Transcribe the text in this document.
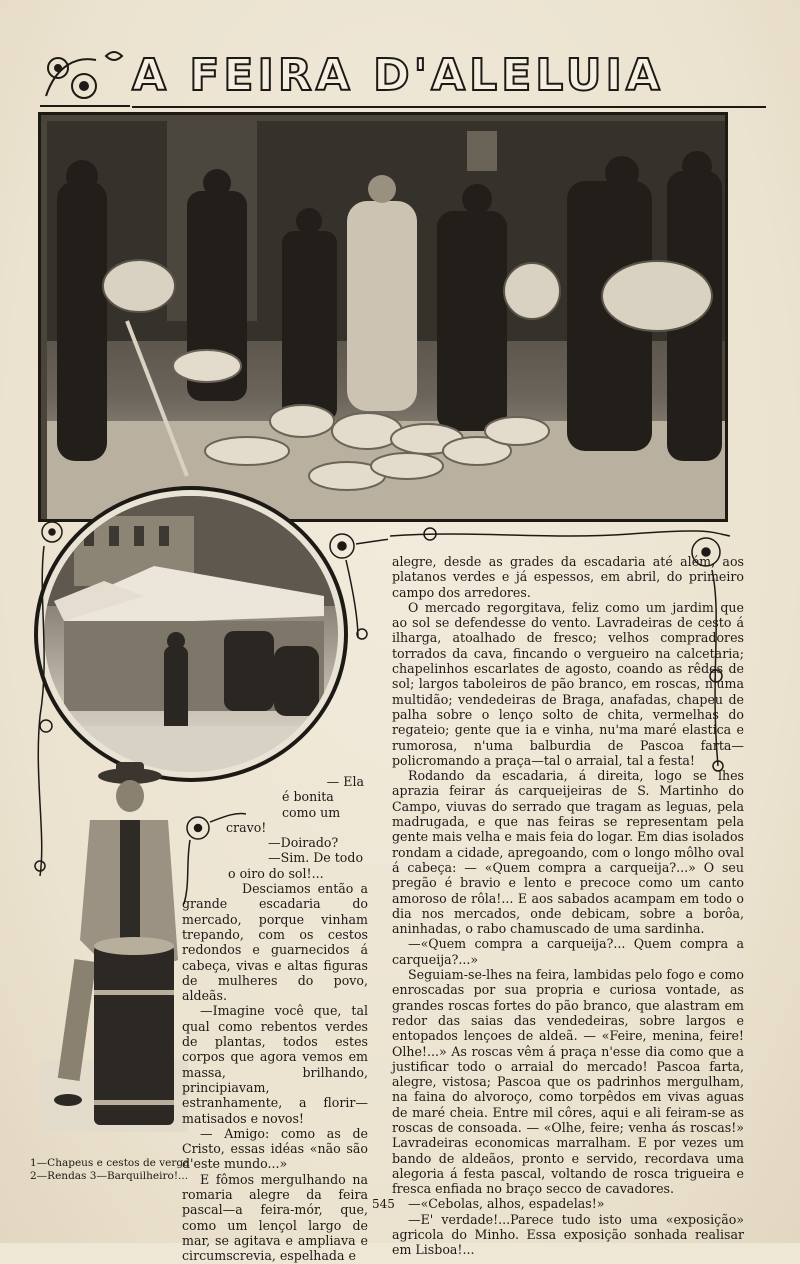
A FEIRA D'ALELUIA

— Ela

é bonita

como um

cravo!

—Doirado?

—Sim. De todo

o oiro do sol!...

Desciamos então a grande escadaria do mercado, porque vinham trepando, com os cestos redondos e guarnecidos á cabeça, vivas e altas figuras de mulheres do povo, aldeãs.

—Imagine você que, tal qual como rebentos verdes de plantas, todos estes corpos que agora vemos em massa, brilhando, principiavam, estranhamente, a florir—matisados e novos!

— Amigo: como as de Cristo, essas idéas «não são d'este mundo...»

E fômos mergulhando na romaria alegre da feira pascal—a feira-mór, que, como um lençol largo de mar, se agitava e ampliava e circumscrevia, espelhada e

alegre, desde as grades da escadaria até além, aos platanos verdes e já espessos, em abril, do primeiro campo dos arredores.

O mercado regorgitava, feliz como um jardim que ao sol se defendesse do vento. Lavradeiras de cesto á ilharga, atoalhado de fresco; velhos compradores torrados da cava, fincando o vergueiro na calcetaria; chapelinhos escarlates de agosto, coando as rêdes de sol; largos taboleiros de pão branco, em roscas, n'uma multidão; vendedeiras de Braga, anafadas, chapeu de palha sobre o lenço solto de chita, vermelhas do regateio; gente que ia e vinha, nu'ma maré elastica e rumorosa, n'uma balburdia de Pascoa farta—policromando a praça—tal o arraial, tal a festa!

Rodando da escadaria, á direita, logo se lhes aprazia feirar ás carqueijeiras de S. Martinho do Campo, viuvas do serrado que tragam as leguas, pela madrugada, e que nas feiras se representam pela gente mais velha e mais feia do logar. Em dias isolados rondam a cidade, apregoando, com o longo môlho oval á cabeça: — «Quem compra a carqueija?...» O seu pregão é bravio e lento e precoce como um canto amoroso de rôla!... E aos sabados acampam em todo o dia nos mercados, onde debicam, sobre a borôa, aninhadas, o rabo chamuscado de uma sardinha.

—«Quem compra a carqueija?... Quem compra a carqueija?...»

Seguiam-se-lhes na feira, lambidas pelo fogo e como enroscadas por sua propria e curiosa vontade, as grandes roscas fortes do pão branco, que alastram em redor das saias das vendedeiras, sobre largos e entopados lençoes de aldeã. — «Feire, menina, feire! Olhe!...» As roscas vêm á praça n'esse dia como que a justificar todo o arraial do mercado! Pascoa farta, alegre, vistosa; Pascoa que os padrinhos mergulham, na faina do alvoroço, como torpêdos em vivas aguas de maré cheia. Entre mil côres, aqui e ali feiram-se as roscas de consoada. — «Olhe, feire; venha ás roscas!» Lavradeiras economicas marralham. E por vezes um bando de aldeãos, pronto e servido, recordava uma alegoria á festa pascal, voltando de rosca trigueira e fresca enfiada no braço secco de cavadores.

—«Cebolas, alhos, espadelas!»

—E' verdade!...Parece tudo isto uma «exposição» agricola do Minho. Essa exposição sonhada realisar em Lisboa!...

1—Chapeus e cestos de verga
2—Rendas 3—Barquilheiro!...
545
